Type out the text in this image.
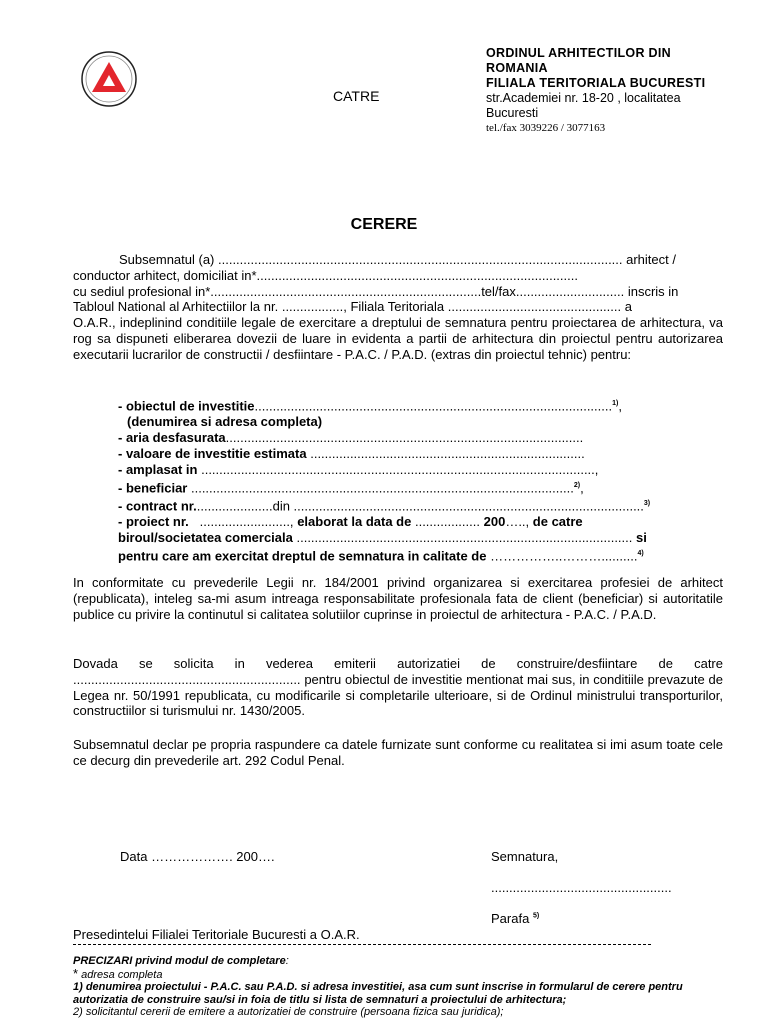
CATRE
ORDINUL ARHITECTILOR DIN ROMANIA
FILIALA TERITORIALA BUCURESTI
str.Academiei nr. 18-20 , localitatea Bucuresti
tel./fax 3039226 / 3077163
CERERE
Subsemnatul (a) ................................................................................................................ arhitect /
conductor arhitect, domiciliat in*.........................................................................................
cu sediul profesional in*...........................................................................tel/fax.............................. inscris in
Tabloul National al Arhitectiilor la nr. ................., Filiala Teritoriala ................................................ a
O.A.R., indeplinind conditiile legale de exercitare a dreptului de semnatura pentru proiectarea de arhitectura, va rog sa dispuneti eliberarea dovezii de luare in evidenta a partii de arhitectura din proiectul pentru autorizarea executarii lucrarilor de constructii / desfiintare - P.A.C. / P.A.D. (extras din proiectul tehnic) pentru:
- obiectul de investitie...................................................................................................$^{1)}$,
(denumirea si adresa completa)
- aria desfasurata...................................................................................................
- valoare de investitie estimata ............................................................................
- amplasat in .............................................................................................................,
- beneficiar ..........................................................................................................$^{2)}$,
- contract nr......................din .................................................................................................$^{3)}$
- proiect nr. ........................., elaborat la data de .................. 200….., de catre
biroul/societatea comerciala ............................................................................................. si
pentru care am exercitat dreptul de semnatura in calitate de ……………..………..........$^{4)}$
In conformitate cu prevederile Legii nr. 184/2001 privind organizarea si exercitarea profesiei de arhitect (republicata), inteleg sa-mi asum intreaga responsabilitate profesionala fata de client (beneficiar) si autoritatile publice cu privire la continutul si calitatea solutiilor cuprinse in proiectul de arhitectura - P.A.C. / P.A.D.
Dovada se solicita in vederea emiterii autorizatiei de construire/desfiintare de catre ............................................................... pentru obiectul de investitie mentionat mai sus, in conditiile prevazute de Legea nr. 50/1991 republicata, cu modificarile si completarile ulterioare, si de Ordinul ministrului transporturilor, constructiilor si turismului nr. 1430/2005.
Subsemnatul declar pe propria raspundere ca datele furnizate sunt conforme cu realitatea si imi asum toate cele ce decurg din prevederile art. 292 Codul Penal.
Data ………………. 200….	Semnatura,
..................................................
Parafa $^{5)}$
Presedintelui Filialei Teritoriale Bucuresti a O.A.R.
PRECIZARI privind modul de completare:
* adresa completa
1) denumirea proiectului - P.A.C. sau P.A.D. si adresa investitiei, asa cum sunt inscrise in formularul de cerere pentru autorizatia de construire sau/si in foia de titlu si lista de semnaturi a proiectului de arhitectura;
2) solicitantul cererii de emitere a autorizatiei de construire (persoana fizica sau juridica);
